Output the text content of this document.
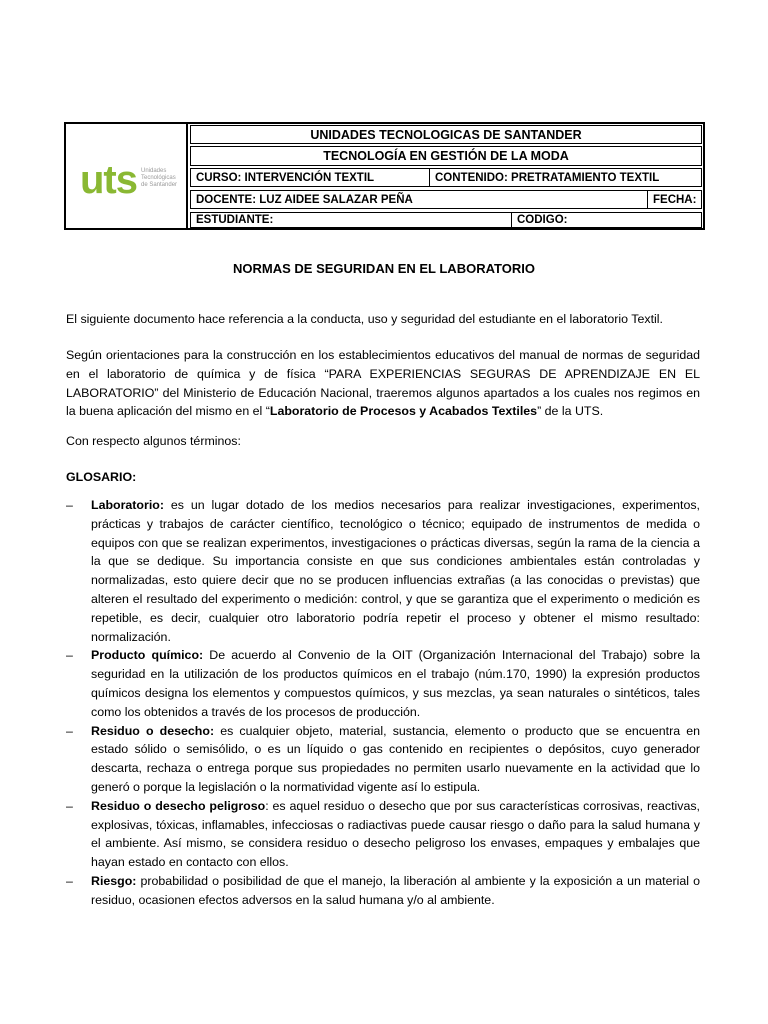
uts Unidades
Tecnológicas
de Santander
UNIDADES TECNOLOGICAS DE SANTANDER
TECNOLOGÍA EN GESTIÓN DE LA MODA
CURSO: INTERVENCIÓN TEXTIL	CONTENIDO: PRETRATAMIENTO TEXTIL
DOCENTE: LUZ AIDEE SALAZAR PEÑA	FECHA:
ESTUDIANTE:	CODIGO:
NORMAS DE SEGURIDAN EN EL LABORATORIO
El siguiente documento hace referencia a la conducta, uso y seguridad del estudiante en el laboratorio Textil.
Según orientaciones para la construcción en los establecimientos educativos del manual de normas de seguridad en el laboratorio de química y de física “PARA EXPERIENCIAS SEGURAS DE APRENDIZAJE EN EL LABORATORIO” del Ministerio de Educación Nacional, traeremos algunos apartados a los cuales nos regimos en la buena aplicación del mismo en el “Laboratorio de Procesos y Acabados Textiles” de la UTS.
Con respecto algunos términos:
GLOSARIO:
– Laboratorio: es un lugar dotado de los medios necesarios para realizar investigaciones, experimentos, prácticas y trabajos de carácter científico, tecnológico o técnico; equipado de instrumentos de medida o equipos con que se realizan experimentos, investigaciones o prácticas diversas, según la rama de la ciencia a la que se dedique. Su importancia consiste en que sus condiciones ambientales están controladas y normalizadas, esto quiere decir que no se producen influencias extrañas (a las conocidas o previstas) que alteren el resultado del experimento o medición: control, y que se garantiza que el experimento o medición es repetible, es decir, cualquier otro laboratorio podría repetir el proceso y obtener el mismo resultado: normalización.
– Producto químico: De acuerdo al Convenio de la OIT (Organización Internacional del Trabajo) sobre la seguridad en la utilización de los productos químicos en el trabajo (núm.170, 1990) la expresión productos químicos designa los elementos y compuestos químicos, y sus mezclas, ya sean naturales o sintéticos, tales como los obtenidos a través de los procesos de producción.
– Residuo o desecho: es cualquier objeto, material, sustancia, elemento o producto que se encuentra en estado sólido o semisólido, o es un líquido o gas contenido en recipientes o depósitos, cuyo generador descarta, rechaza o entrega porque sus propiedades no permiten usarlo nuevamente en la actividad que lo generó o porque la legislación o la normatividad vigente así lo estipula.
– Residuo o desecho peligroso: es aquel residuo o desecho que por sus características corrosivas, reactivas, explosivas, tóxicas, inflamables, infecciosas o radiactivas puede causar riesgo o daño para la salud humana y el ambiente. Así mismo, se considera residuo o desecho peligroso los envases, empaques y embalajes que hayan estado en contacto con ellos.
– Riesgo: probabilidad o posibilidad de que el manejo, la liberación al ambiente y la exposición a un material o residuo, ocasionen efectos adversos en la salud humana y/o al ambiente.
